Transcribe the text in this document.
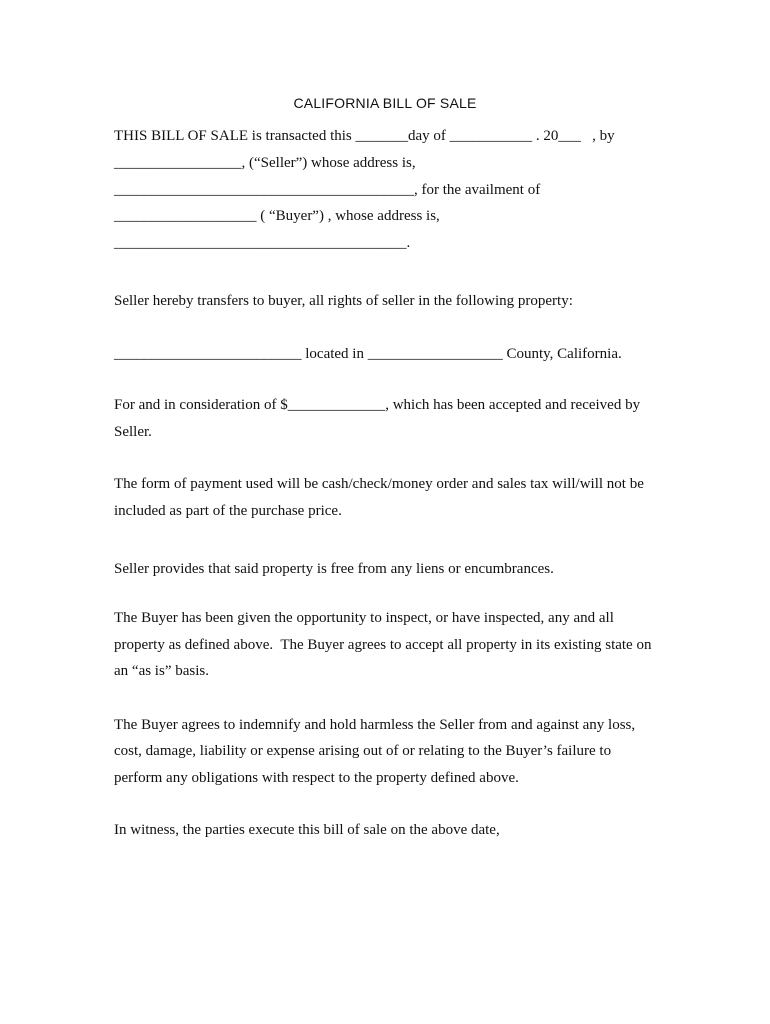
CALIFORNIA BILL OF SALE
THIS BILL OF SALE is transacted this _______day of ___________ . 20___   , by
_________________, (“Seller”) whose address is,
________________________________________, for the availment of
___________________ ( “Buyer”) , whose address is,
_______________________________________.
Seller hereby transfers to buyer, all rights of seller in the following property:
_________________________ located in __________________ County, California.
For and in consideration of $_____________, which has been accepted and received by
Seller.
The form of payment used will be cash/check/money order and sales tax will/will not be
included as part of the purchase price.
Seller provides that said property is free from any liens or encumbrances.
The Buyer has been given the opportunity to inspect, or have inspected, any and all
property as defined above.  The Buyer agrees to accept all property in its existing state on
an “as is” basis.
The Buyer agrees to indemnify and hold harmless the Seller from and against any loss,
cost, damage, liability or expense arising out of or relating to the Buyer’s failure to
perform any obligations with respect to the property defined above.
In witness, the parties execute this bill of sale on the above date,
